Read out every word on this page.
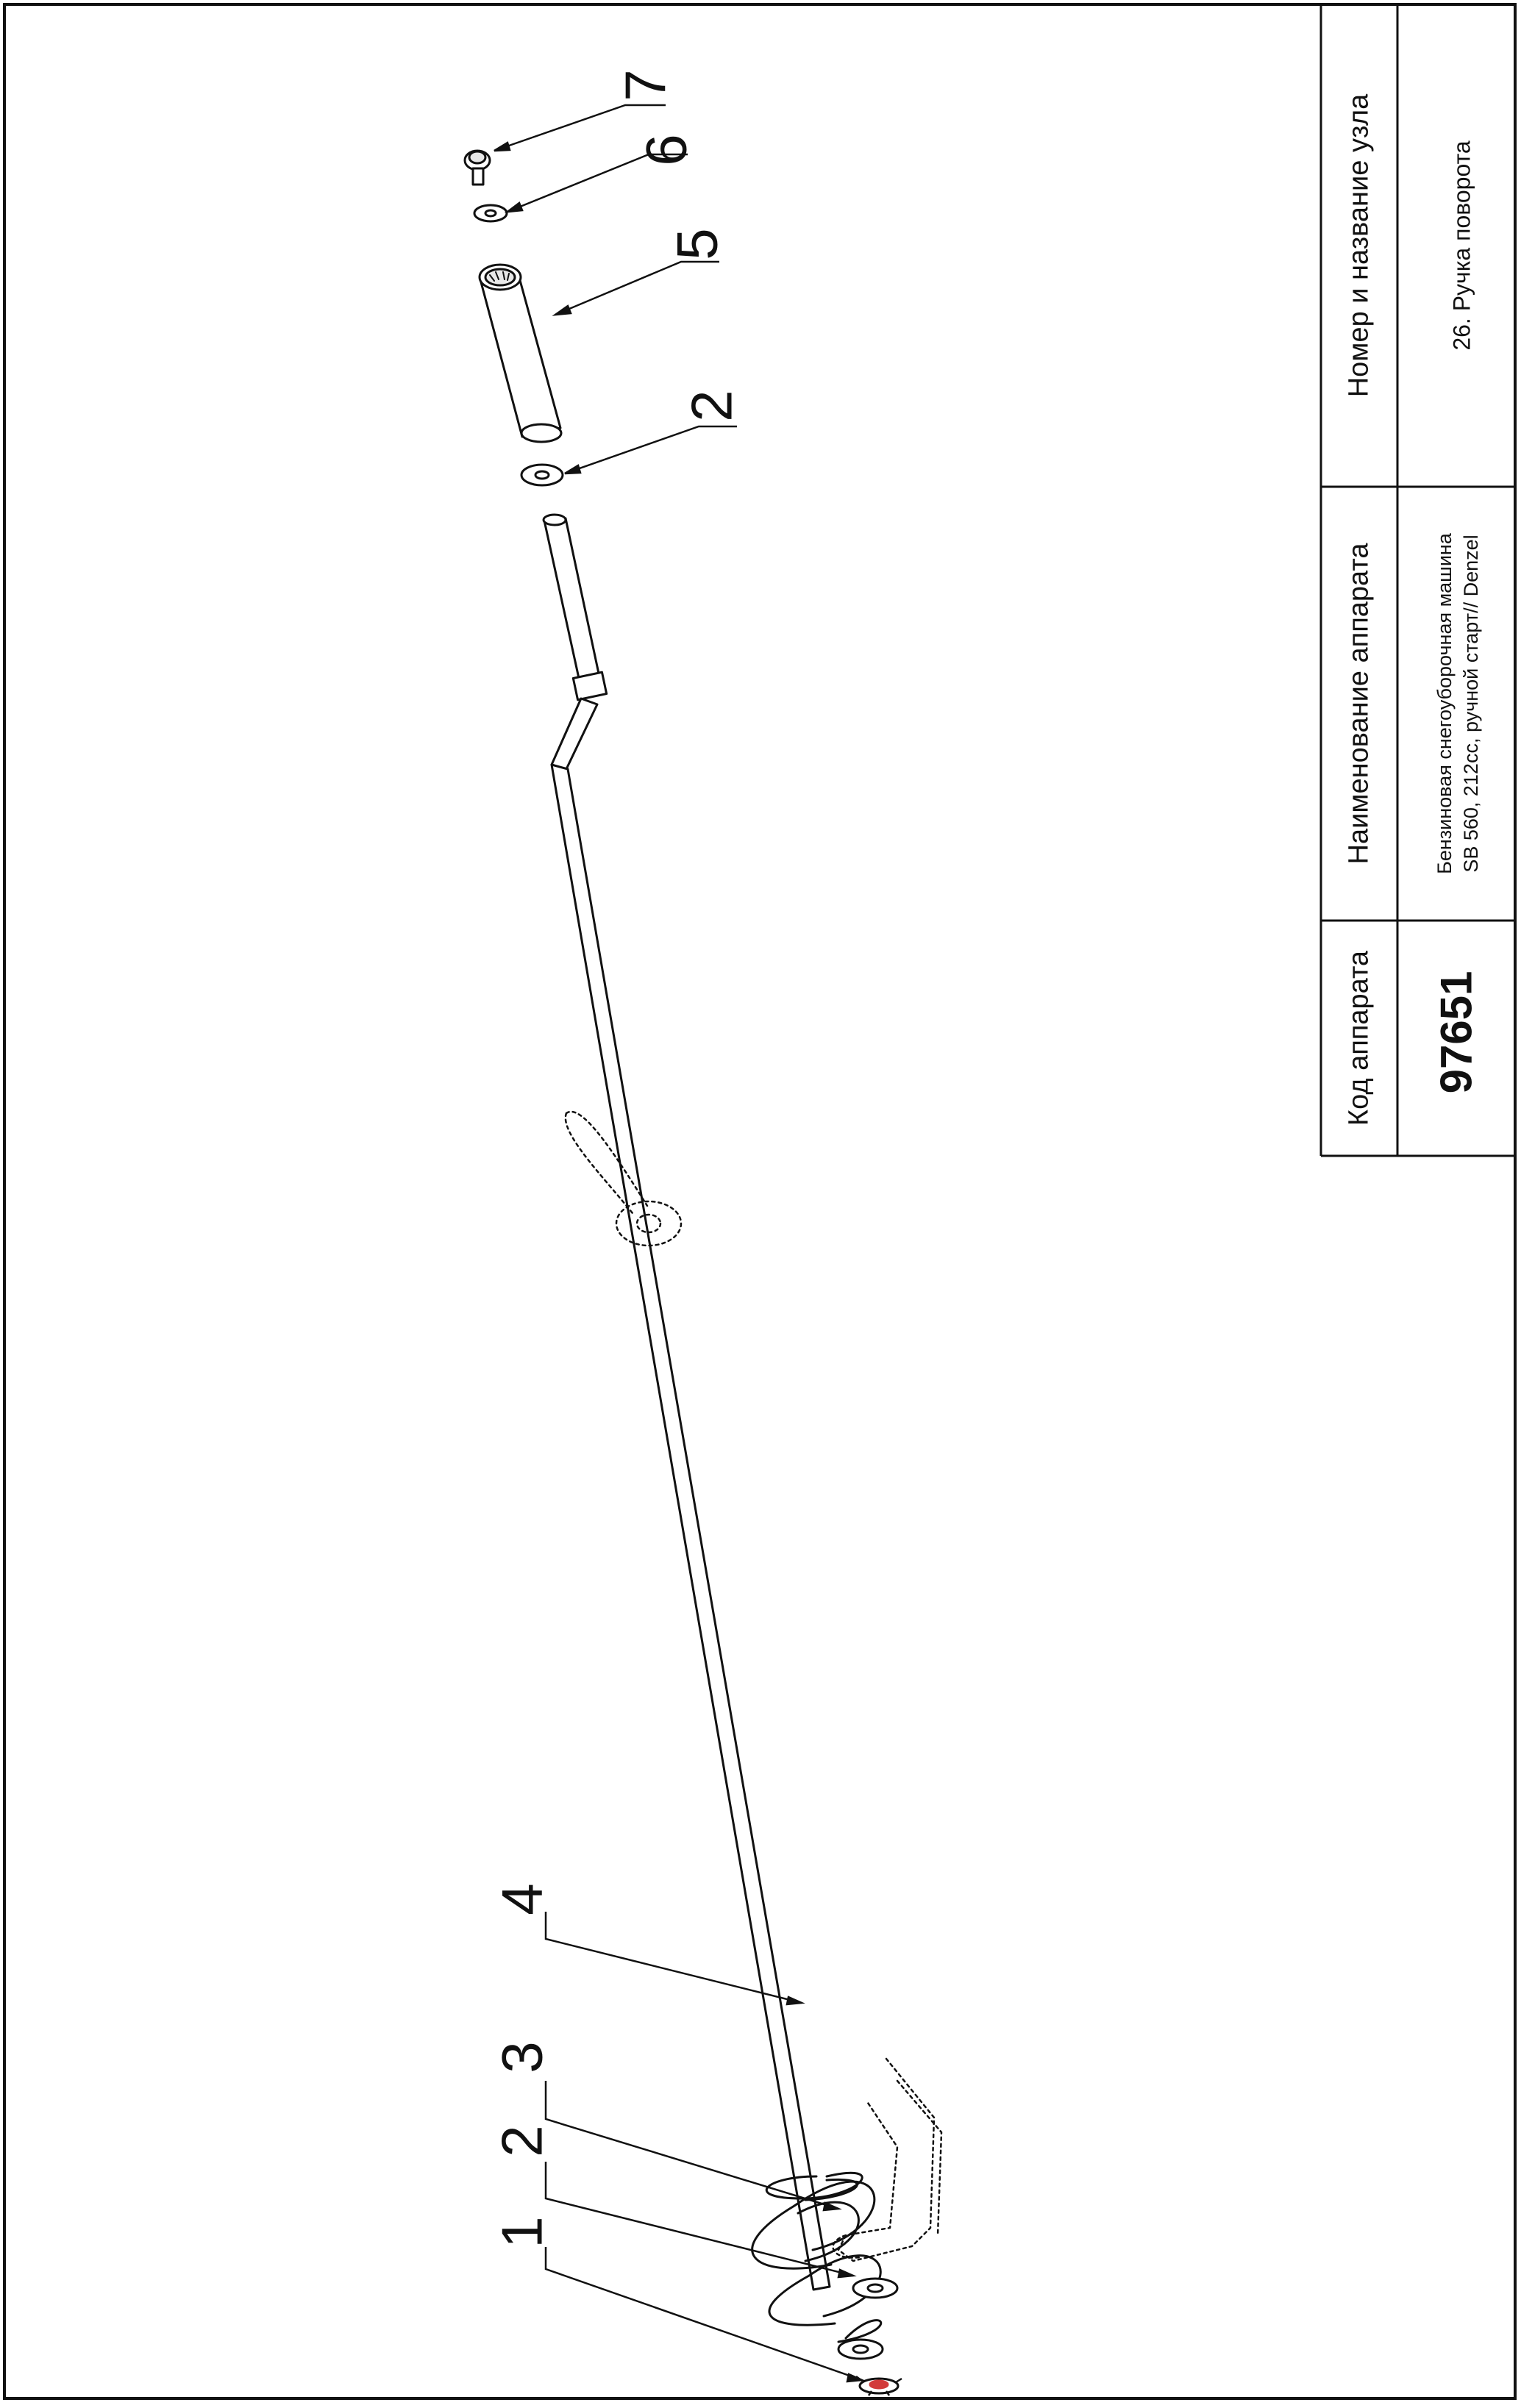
7
6
5
2
4
3
2
1
Код аппарата 97651
Наименование аппарата	Бензиновая снегоуборочная машина SB 560, 212cc, ручной старт// Denzel
Номер и название узла	26. Ручка поворота
